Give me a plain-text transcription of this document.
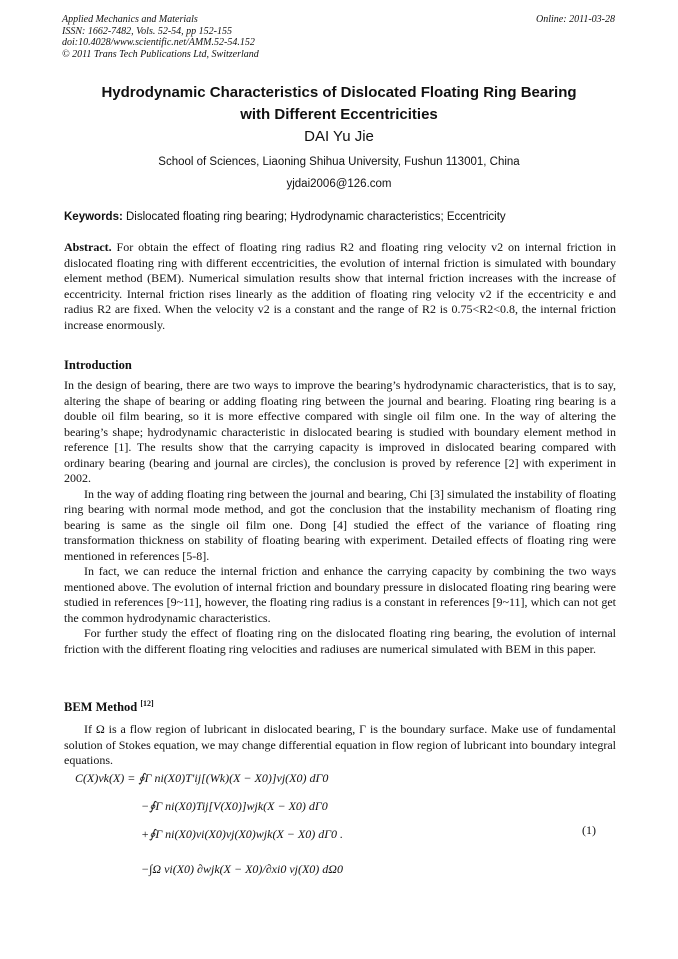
Applied Mechanics and Materials
ISSN: 1662-7482, Vols. 52-54, pp 152-155
doi:10.4028/www.scientific.net/AMM.52-54.152
© 2011 Trans Tech Publications Ltd, Switzerland
Online: 2011-03-28
Hydrodynamic Characteristics of Dislocated Floating Ring Bearing
with Different Eccentricities
DAI Yu Jie
School of Sciences, Liaoning Shihua University, Fushun 113001, China
yjdai2006@126.com
Keywords: Dislocated floating ring bearing; Hydrodynamic characteristics; Eccentricity
Abstract. For obtain the effect of floating ring radius R2 and floating ring velocity v2 on internal friction in dislocated floating ring with different eccentricities, the evolution of internal friction is simulated with boundary element method (BEM). Numerical simulation results show that internal friction increases with the increase of eccentricity. Internal friction rises linearly as the addition of floating ring velocity v2 if the eccentricity e and radius R2 are fixed. When the velocity v2 is a constant and the range of R2 is 0.75<R2<0.8, the internal friction increase enormously.
Introduction

In the design of bearing, there are two ways to improve the bearing’s hydrodynamic characteristics, that is to say, altering the shape of bearing or adding floating ring between the journal and bearing. Floating ring bearing is a double oil film bearing, so it is more effective compared with single oil film one. In the way of altering the bearing’s shape; hydrodynamic characteristic in dislocated bearing is studied with boundary element method in reference [1]. The results show that the carrying capacity is improved in dislocated bearing compared with ordinary bearing (bearing and journal are circles), the conclusion is proved by reference [2] with experiment in 2002.

In the way of adding floating ring between the journal and bearing, Chi [3] simulated the instability of floating ring bearing with normal mode method, and got the conclusion that the instability mechanism of floating ring bearing is same as the single oil film one. Dong [4] studied the effect of the variance of floating ring transformation thickness on stability of floating bearing with experiment. Detailed effects of floating ring were mentioned in references [5-8].

In fact, we can reduce the internal friction and enhance the carrying capacity by combining the two ways mentioned above. The evolution of internal friction and boundary pressure in dislocated floating ring bearing were studied in references [9~11], however, the floating ring radius is a constant in references [9~11], which can not get the common hydrodynamic characteristics.

For further study the effect of floating ring on the dislocated floating ring bearing, the evolution of internal friction with the different floating ring velocities and radiuses are numerical simulated with BEM in this paper.

BEM Method [12]
If Ω is a flow region of lubricant in dislocated bearing, Γ is the boundary surface. Make use of fundamental solution of Stokes equation, we may change differential equation in flow region of lubricant into boundary integral equations.
C(X)vk(X) = ∮Γ ni(X0)T′ij[(Wk)(X − X0)]vj(X0) dΓ0
−∮Γ ni(X0)Tij[V(X0)]wjk(X − X0) dΓ0
+∮Γ ni(X0)vi(X0)vj(X0)wjk(X − X0) dΓ0 .
−∫Ω vi(X0) ∂wjk(X − X0)/∂xi0 vj(X0) dΩ0
(1)
